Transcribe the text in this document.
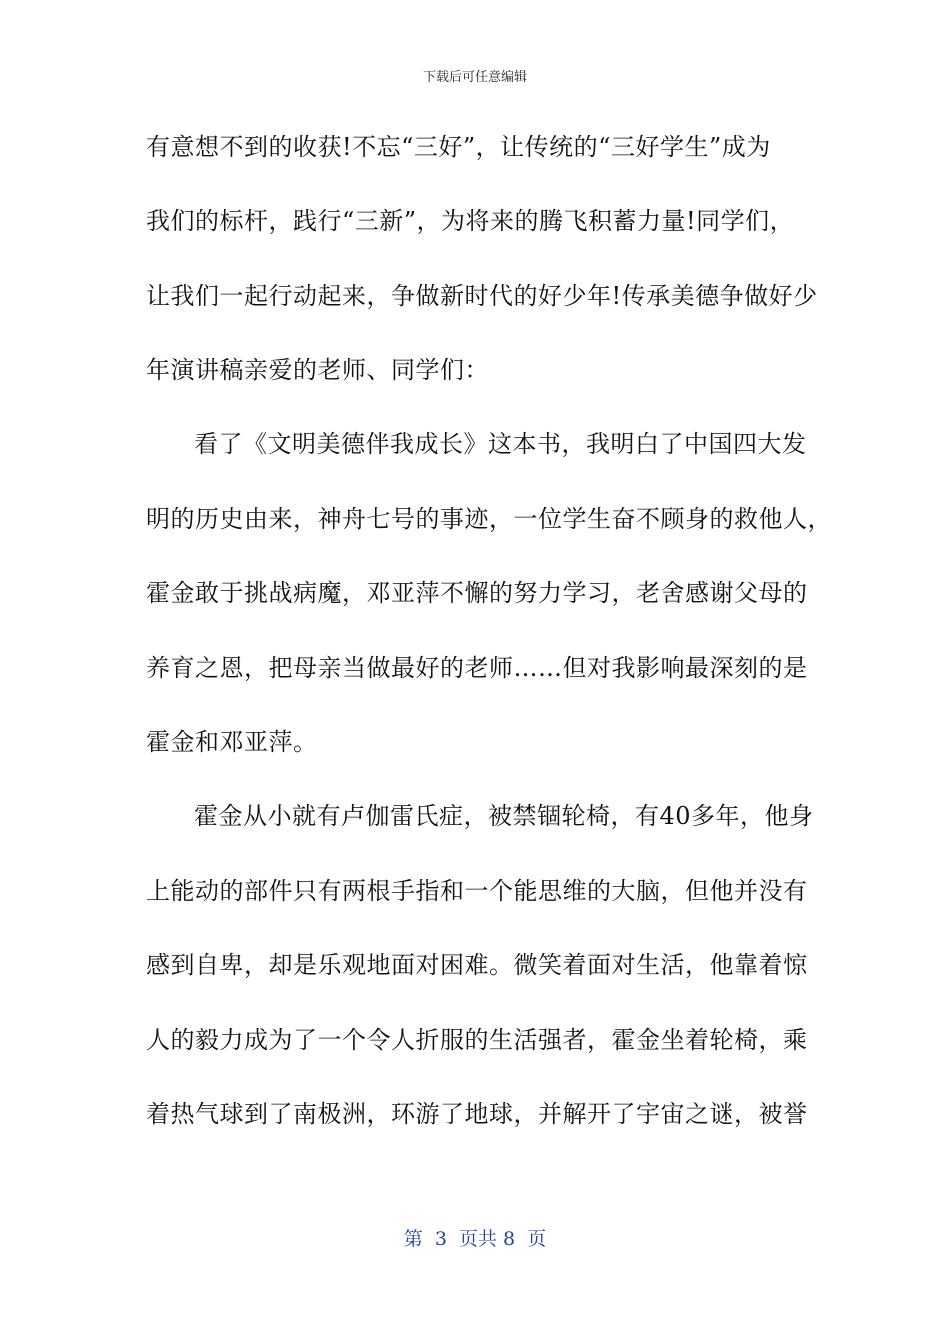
下载后可任意编辑
有意想不到的收获!不忘“三好”，让传统的“三好学生”成为
我们的标杆，践行“三新”，为将来的腾飞积蓄力量!同学们，
让我们一起行动起来，争做新时代的好少年!传承美德争做好少
年演讲稿亲爱的老师、同学们：
看了《文明美德伴我成长》这本书，我明白了中国四大发
明的历史由来，神舟七号的事迹，一位学生奋不顾身的救他人，
霍金敢于挑战病魔，邓亚萍不懈的努力学习，老舍感谢父母的
养育之恩，把母亲当做最好的老师……但对我影响最深刻的是
霍金和邓亚萍。
霍金从小就有卢伽雷氏症，被禁锢轮椅，有40多年，他身
上能动的部件只有两根手指和一个能思维的大脑，但他并没有
感到自卑，却是乐观地面对困难。微笑着面对生活，他靠着惊
人的毅力成为了一个令人折服的生活强者，霍金坐着轮椅，乘
着热气球到了南极洲，环游了地球，并解开了宇宙之谜，被誉
第  3  页共 8  页
